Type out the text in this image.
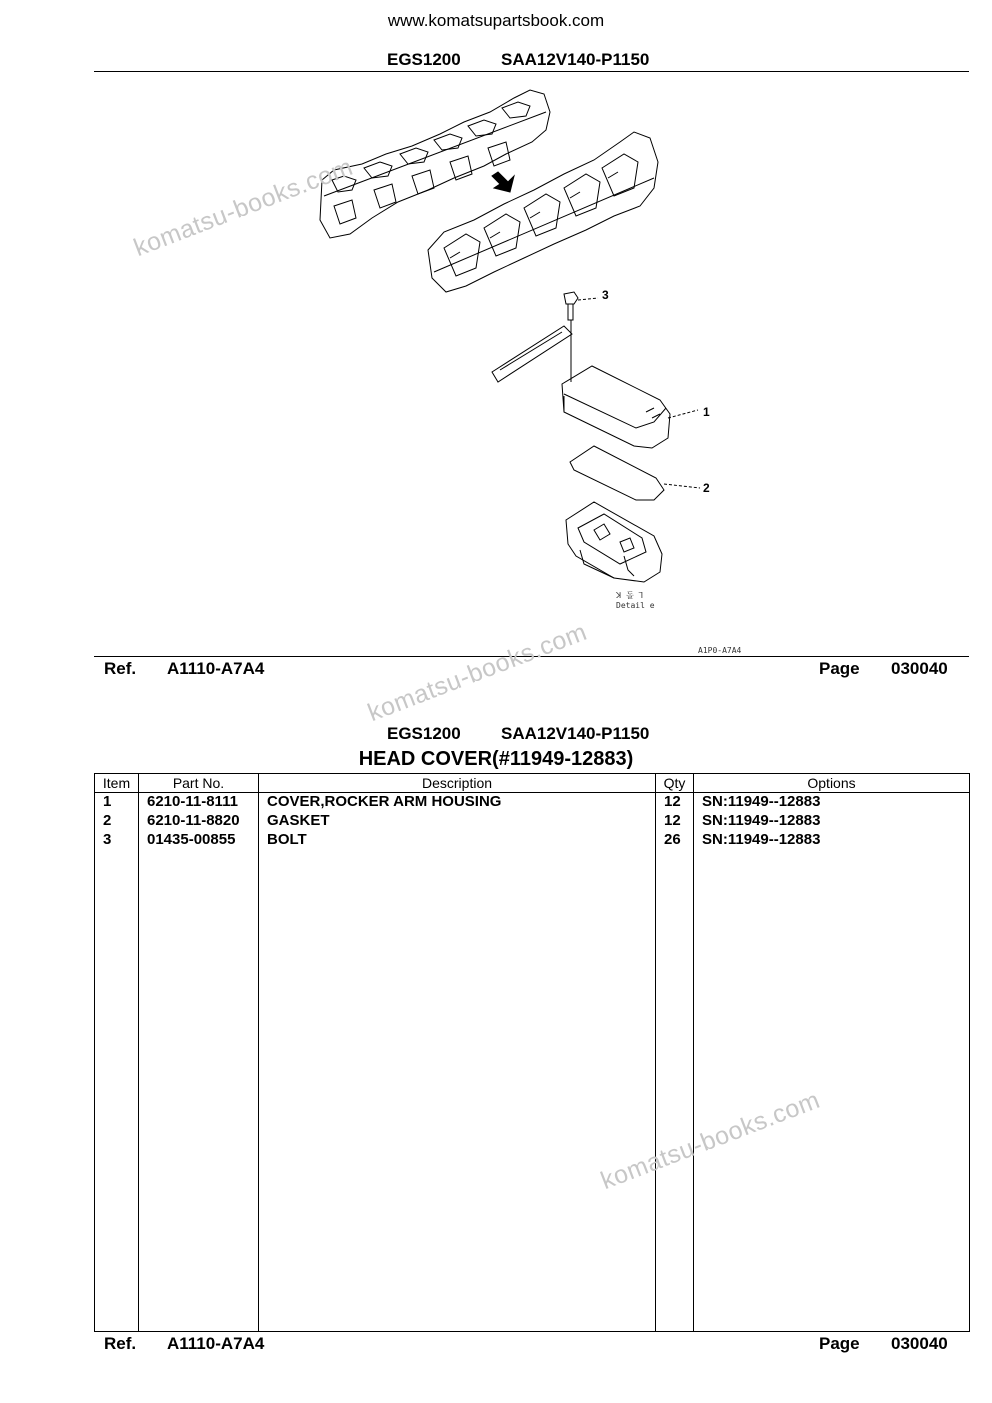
www.komatsupartsbook.com
EGS1200 SAA12V140-P1150
3
1
2
ꓘ 돌 ꓶ
Detail e
A1P0-A7A4
Ref. A1110-A7A4	Page 030040
EGS1200 SAA12V140-P1150
HEAD COVER(#11949-12883)
Item	Part No.	Description	Qty	Options
1	6210-11-8111	COVER,ROCKER ARM HOUSING	12	SN:11949--12883
2	6210-11-8820	GASKET	12	SN:11949--12883
3	01435-00855	BOLT	26	SN:11949--12883

Ref. A1110-A7A4	Page 030040
komatsu-books.com
komatsu-books.com
komatsu-books.com
